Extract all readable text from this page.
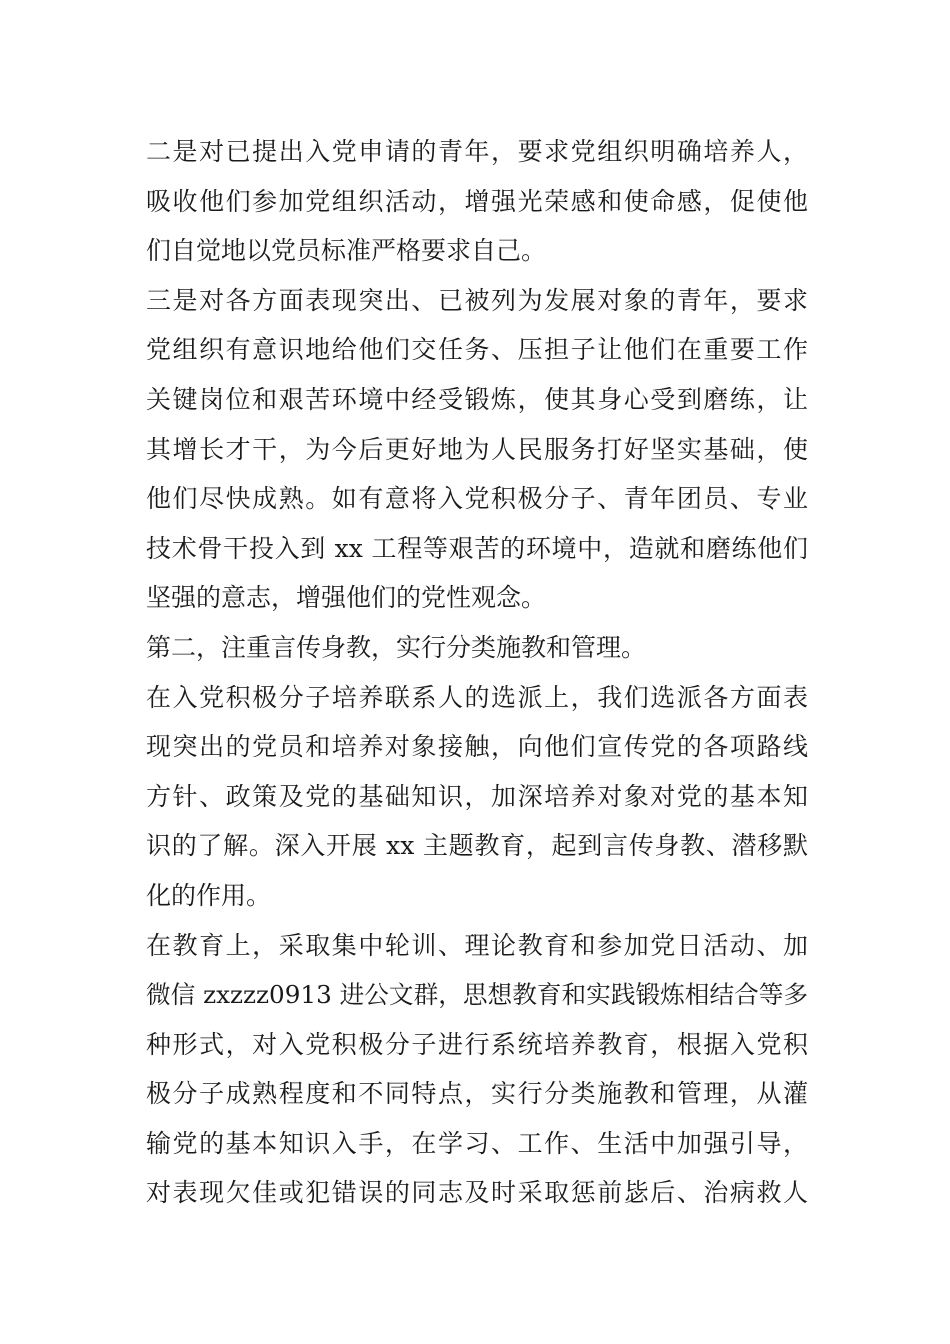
二是对已提出入党申请的青年，要求党组织明确培养人，
吸收他们参加党组织活动，增强光荣感和使命感，促使他
们自觉地以党员标准严格要求自己。
三是对各方面表现突出、已被列为发展对象的青年，要求
党组织有意识地给他们交任务、压担子让他们在重要工作
关键岗位和艰苦环境中经受锻炼，使其身心受到磨练，让
其增长才干，为今后更好地为人民服务打好坚实基础，使
他们尽快成熟。如有意将入党积极分子、青年团员、专业
技术骨干投入到 xx 工程等艰苦的环境中，造就和磨练他们
坚强的意志，增强他们的党性观念。
第二，注重言传身教，实行分类施教和管理。
在入党积极分子培养联系人的选派上，我们选派各方面表
现突出的党员和培养对象接触，向他们宣传党的各项路线
方针、政策及党的基础知识，加深培养对象对党的基本知
识的了解。深入开展 xx 主题教育，起到言传身教、潜移默
化的作用。
在教育上，采取集中轮训、理论教育和参加党日活动、加
微信 zxzzz0913 进公文群，思想教育和实践锻炼相结合等多
种形式，对入党积极分子进行系统培养教育，根据入党积
极分子成熟程度和不同特点，实行分类施教和管理，从灌
输党的基本知识入手，在学习、工作、生活中加强引导，
对表现欠佳或犯错误的同志及时采取惩前毖后、治病救人
